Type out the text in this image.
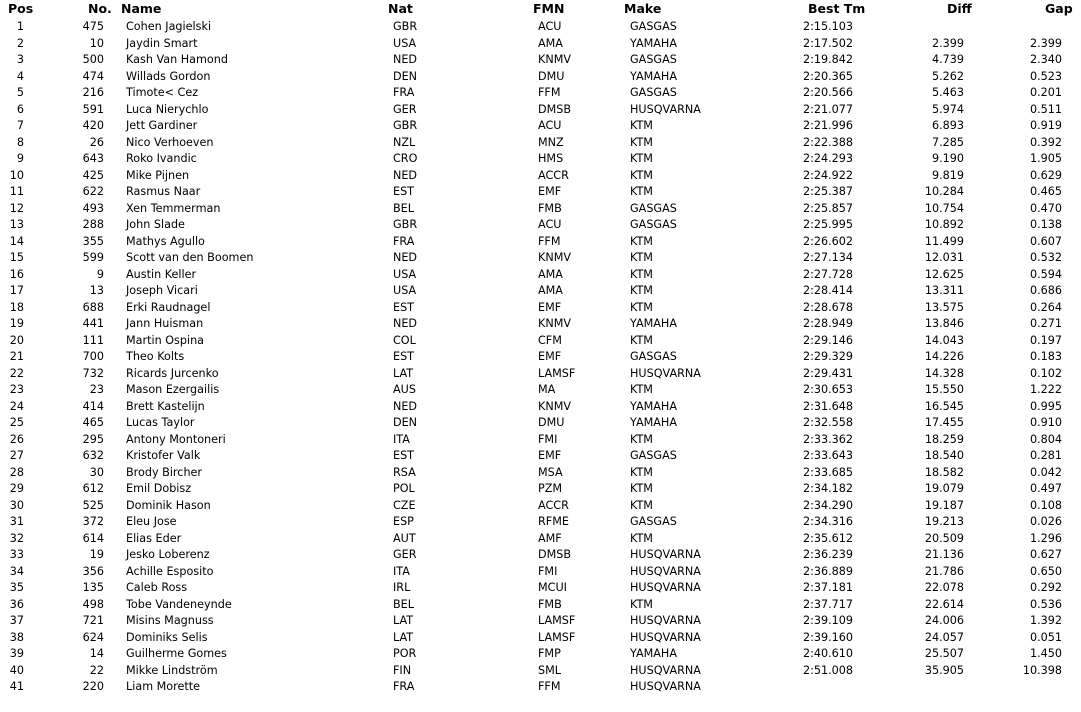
Pos	No. Name	Nat	FMN	Make	Best Tm	Diff	Gap
1	475 Cohen Jagielski	GBR	ACU	GASGAS	2:15.103
2	10 Jaydin Smart	USA	AMA	YAMAHA	2:17.502	2.399	2.399
3	500 Kash Van Hamond	NED	KNMV	GASGAS	2:19.842	4.739	2.340
4	474 Willads Gordon	DEN	DMU	YAMAHA	2:20.365	5.262	0.523
5	216 Timote< Cez	FRA	FFM	GASGAS	2:20.566	5.463	0.201
6	591 Luca Nierychlo	GER	DMSB	HUSQVARNA	2:21.077	5.974	0.511
7	420 Jett Gardiner	GBR	ACU	KTM	2:21.996	6.893	0.919
8	26 Nico Verhoeven	NZL	MNZ	KTM	2:22.388	7.285	0.392
9	643 Roko Ivandic	CRO	HMS	KTM	2:24.293	9.190	1.905
10	425 Mike Pijnen	NED	ACCR	KTM	2:24.922	9.819	0.629
11	622 Rasmus Naar	EST	EMF	KTM	2:25.387	10.284	0.465
12	493 Xen Temmerman	BEL	FMB	GASGAS	2:25.857	10.754	0.470
13	288 John Slade	GBR	ACU	GASGAS	2:25.995	10.892	0.138
14	355 Mathys Agullo	FRA	FFM	KTM	2:26.602	11.499	0.607
15	599 Scott van den Boomen	NED	KNMV	KTM	2:27.134	12.031	0.532
16	9 Austin Keller	USA	AMA	KTM	2:27.728	12.625	0.594
17	13 Joseph Vicari	USA	AMA	KTM	2:28.414	13.311	0.686
18	688 Erki Raudnagel	EST	EMF	KTM	2:28.678	13.575	0.264
19	441 Jann Huisman	NED	KNMV	YAMAHA	2:28.949	13.846	0.271
20	111 Martin Ospina	COL	CFM	KTM	2:29.146	14.043	0.197
21	700 Theo Kolts	EST	EMF	GASGAS	2:29.329	14.226	0.183
22	732 Ricards Jurcenko	LAT	LAMSF	HUSQVARNA	2:29.431	14.328	0.102
23	23 Mason Ezergailis	AUS	MA	KTM	2:30.653	15.550	1.222
24	414 Brett Kastelijn	NED	KNMV	YAMAHA	2:31.648	16.545	0.995
25	465 Lucas Taylor	DEN	DMU	YAMAHA	2:32.558	17.455	0.910
26	295 Antony Montoneri	ITA	FMI	KTM	2:33.362	18.259	0.804
27	632 Kristofer Valk	EST	EMF	GASGAS	2:33.643	18.540	0.281
28	30 Brody Bircher	RSA	MSA	KTM	2:33.685	18.582	0.042
29	612 Emil Dobisz	POL	PZM	KTM	2:34.182	19.079	0.497
30	525 Dominik Hason	CZE	ACCR	KTM	2:34.290	19.187	0.108
31	372 Eleu Jose	ESP	RFME	GASGAS	2:34.316	19.213	0.026
32	614 Elias Eder	AUT	AMF	KTM	2:35.612	20.509	1.296
33	19 Jesko Loberenz	GER	DMSB	HUSQVARNA	2:36.239	21.136	0.627
34	356 Achille Esposito	ITA	FMI	HUSQVARNA	2:36.889	21.786	0.650
35	135 Caleb Ross	IRL	MCUI	HUSQVARNA	2:37.181	22.078	0.292
36	498 Tobe Vandeneynde	BEL	FMB	KTM	2:37.717	22.614	0.536
37	721 Misins Magnuss	LAT	LAMSF	HUSQVARNA	2:39.109	24.006	1.392
38	624 Dominiks Selis	LAT	LAMSF	HUSQVARNA	2:39.160	24.057	0.051
39	14 Guilherme Gomes	POR	FMP	YAMAHA	2:40.610	25.507	1.450
40	22 Mikke Lindström	FIN	SML	HUSQVARNA	2:51.008	35.905	10.398
41	220 Liam Morette	FRA	FFM	HUSQVARNA
